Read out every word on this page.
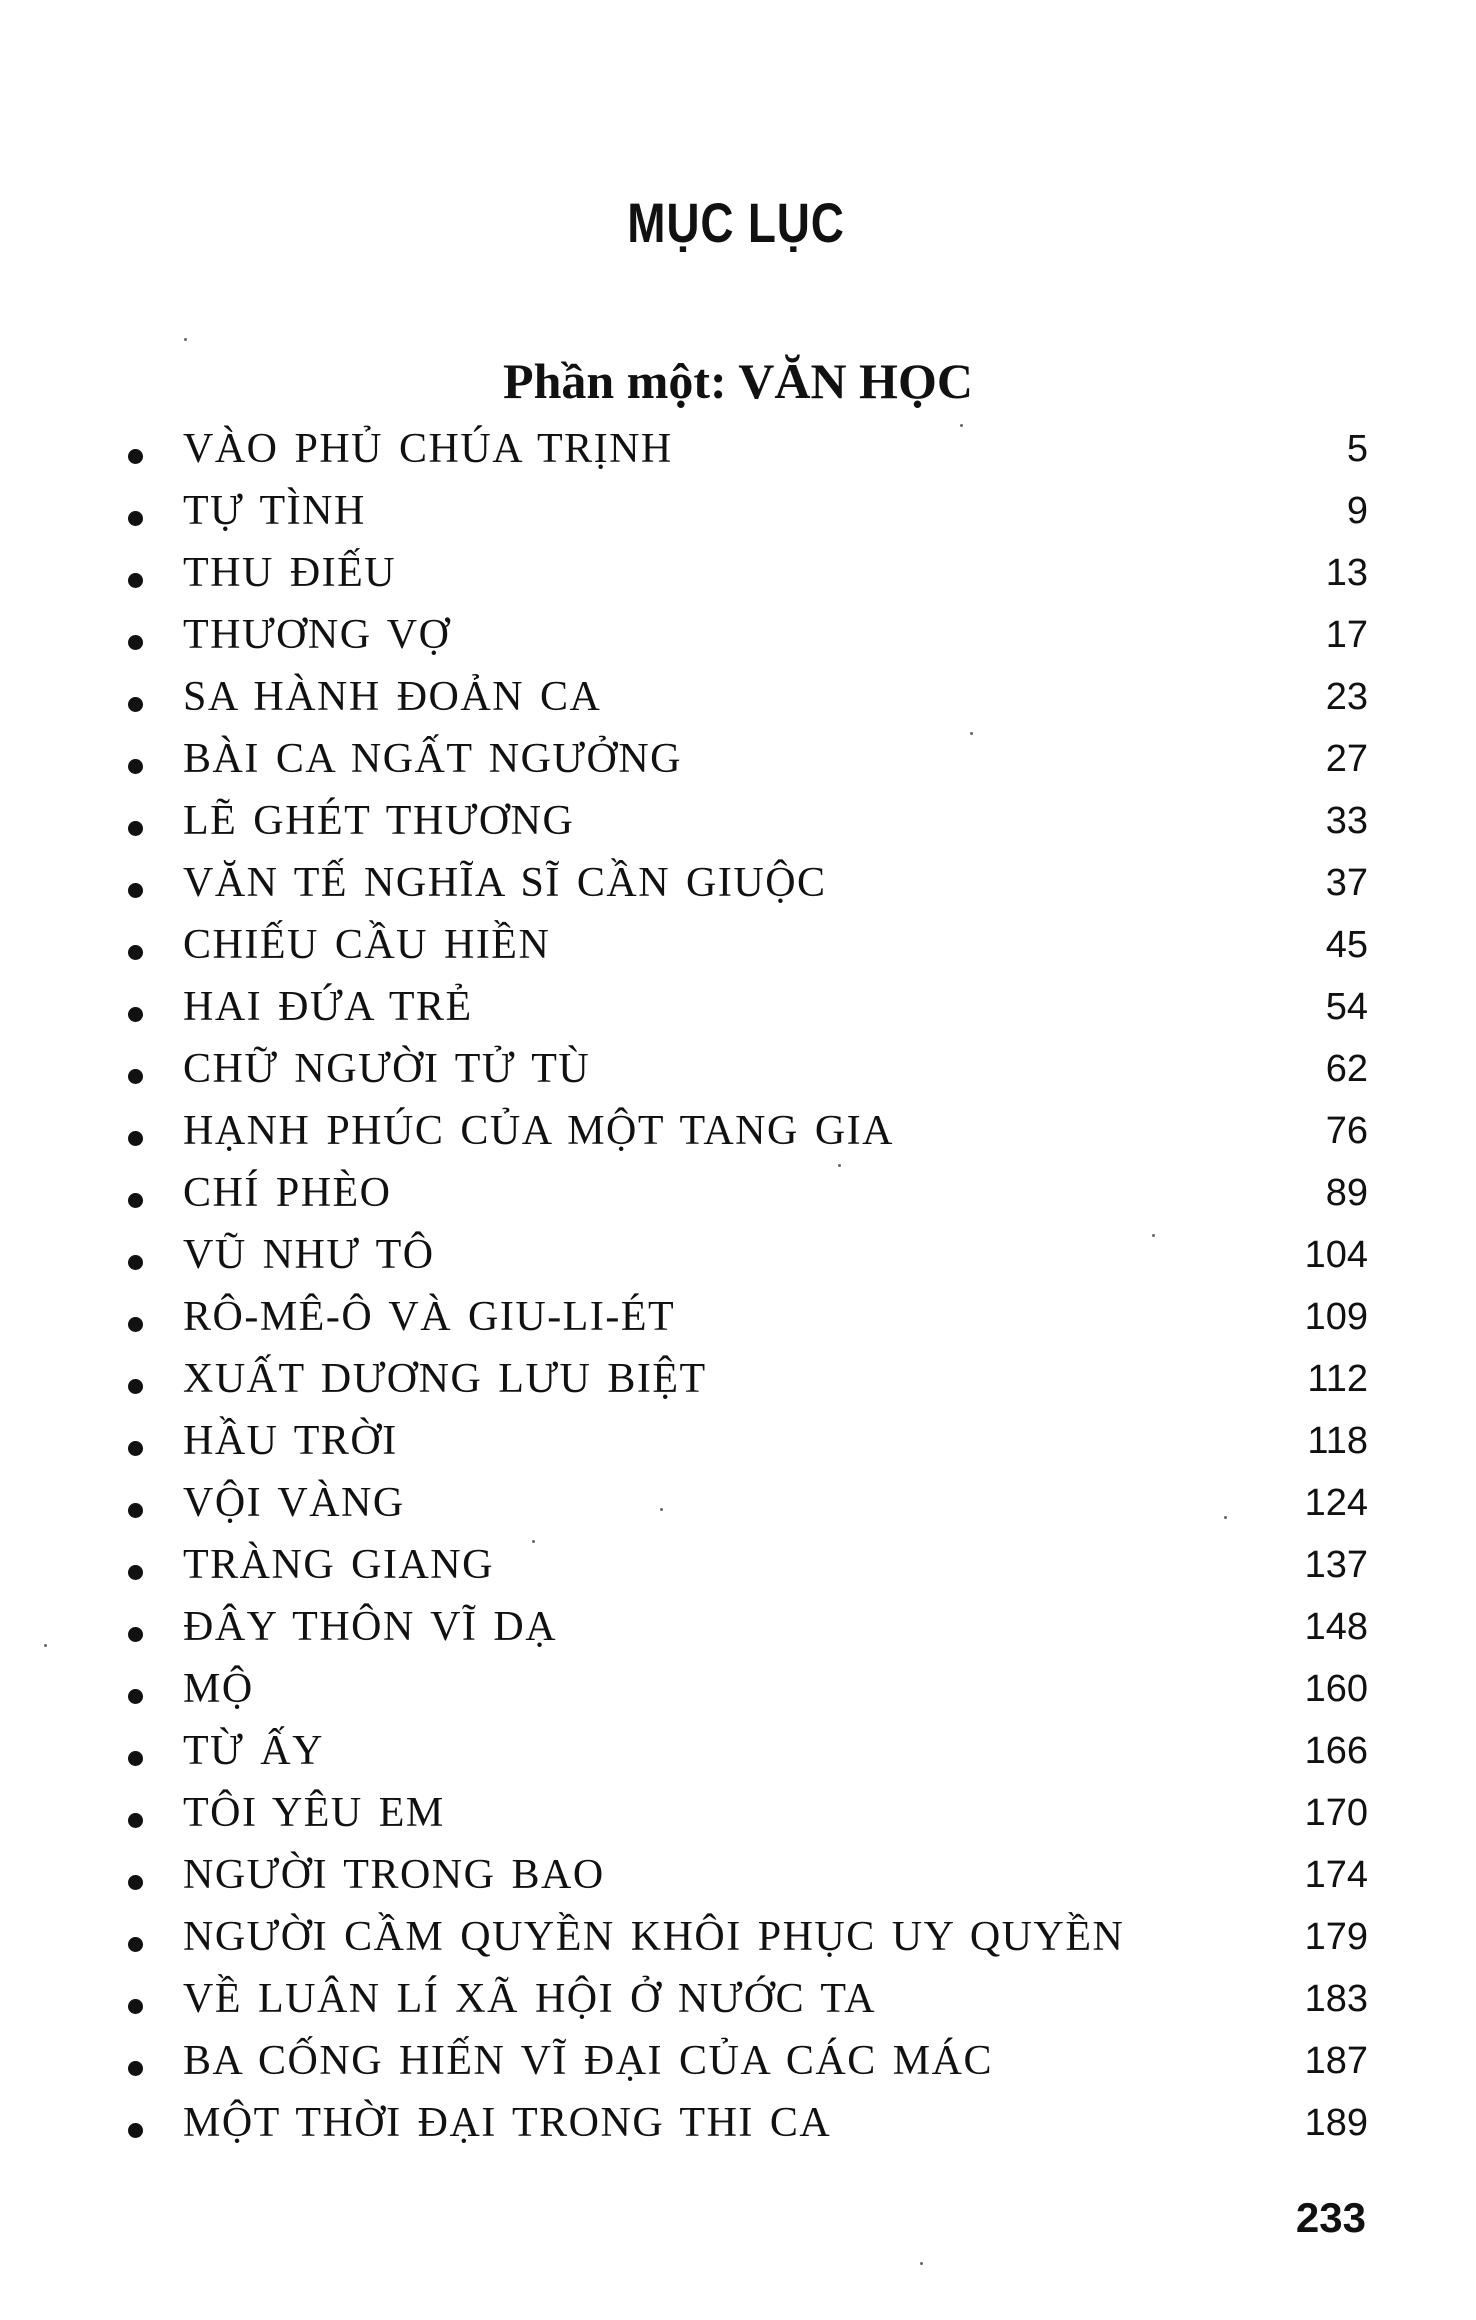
MỤC LỤC
Phần một: VĂN HỌC
VÀO PHỦ CHÚA TRỊNH	5
TỰ TÌNH	9
THU ĐIẾU	13
THƯƠNG VỢ	17
SA HÀNH ĐOẢN CA	23
BÀI CA NGẤT NGƯỞNG	27
LẼ GHÉT THƯƠNG	33
VĂN TẾ NGHĨA SĨ CẦN GIUỘC	37
CHIẾU CẦU HIỀN	45
HAI ĐỨA TRẺ	54
CHỮ NGƯỜI TỬ TÙ	62
HẠNH PHÚC CỦA MỘT TANG GIA	76
CHÍ PHÈO	89
VŨ NHƯ TÔ	104
RÔ-MÊ-Ô VÀ GIU-LI-ÉT	109
XUẤT DƯƠNG LƯU BIỆT	112
HẦU TRỜI	118
VỘI VÀNG	124
TRÀNG GIANG	137
ĐÂY THÔN VĨ DẠ	148
MỘ	160
TỪ ẤY	166
TÔI YÊU EM	170
NGƯỜI TRONG BAO	174
NGƯỜI CẦM QUYỀN KHÔI PHỤC UY QUYỀN	179
VỀ LUÂN LÍ XÃ HỘI Ở NƯỚC TA	183
BA CỐNG HIẾN VĨ ĐẠI CỦA CÁC MÁC	187
MỘT THỜI ĐẠI TRONG THI CA	189
233
